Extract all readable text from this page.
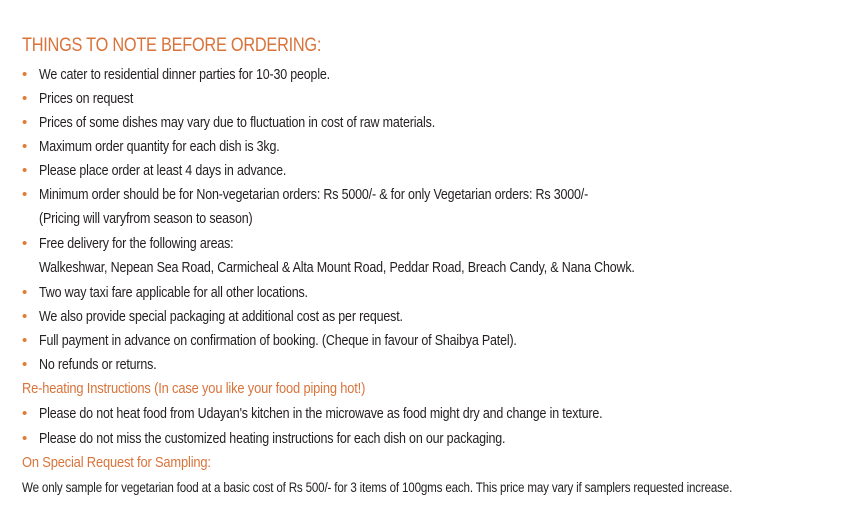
THINGS TO NOTE BEFORE ORDERING:
• We cater to residential dinner parties for 10-30 people.
• Prices on request
• Prices of some dishes may vary due to fluctuation in cost of raw materials.
• Maximum order quantity for each dish is 3kg.
• Please place order at least 4 days in advance.
• Minimum order should be for Non-vegetarian orders: Rs 5000/- & for only Vegetarian orders: Rs 3000/-
(Pricing will varyfrom season to season)
• Free delivery for the following areas:
Walkeshwar, Nepean Sea Road, Carmicheal & Alta Mount Road, Peddar Road, Breach Candy, & Nana Chowk.
• Two way taxi fare applicable for all other locations.
• We also provide special packaging at additional cost as per request.
• Full payment in advance on confirmation of booking. (Cheque in favour of Shaibya Patel).
• No refunds or returns.
Re-heating Instructions (In case you like your food piping hot!)
• Please do not heat food from Udayan's kitchen in the microwave as food might dry and change in texture.
• Please do not miss the customized heating instructions for each dish on our packaging.
On Special Request for Sampling:
We only sample for vegetarian food at a basic cost of Rs 500/- for 3 items of 100gms each. This price may vary if samplers requested increase.
